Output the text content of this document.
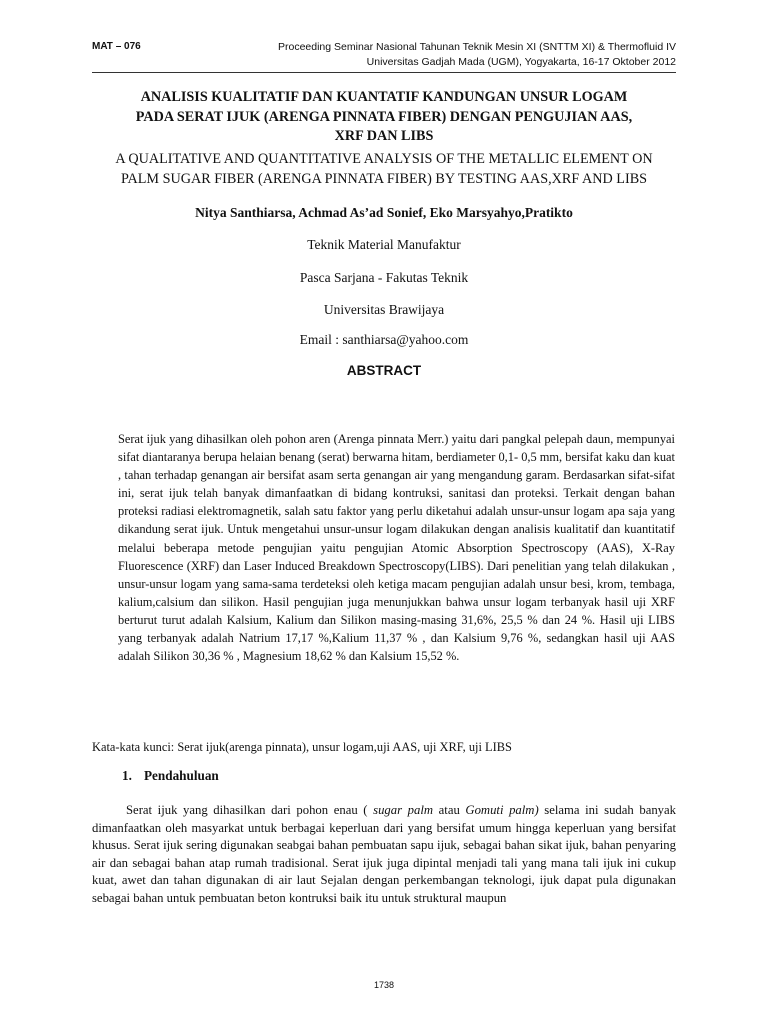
MAT – 076	Proceeding Seminar Nasional Tahunan Teknik Mesin XI (SNTTM XI) & Thermofluid IV
Universitas Gadjah Mada (UGM), Yogyakarta, 16-17 Oktober 2012
ANALISIS KUALITATIF DAN KUANTATIF KANDUNGAN UNSUR LOGAM
PADA SERAT IJUK (ARENGA PINNATA FIBER) DENGAN PENGUJIAN AAS,
XRF DAN LIBS
A QUALITATIVE AND QUANTITATIVE ANALYSIS OF THE METALLIC ELEMENT ON
PALM SUGAR FIBER (ARENGA PINNATA FIBER) BY TESTING AAS,XRF AND LIBS
Nitya Santhiarsa, Achmad As’ad Sonief, Eko Marsyahyo,Pratikto
Teknik Material Manufaktur
Pasca Sarjana - Fakutas Teknik
Universitas Brawijaya
Email : santhiarsa@yahoo.com
ABSTRACT
Serat ijuk yang dihasilkan oleh pohon aren (Arenga pinnata Merr.) yaitu dari pangkal pelepah daun, mempunyai sifat diantaranya berupa helaian benang (serat) berwarna hitam, berdiameter 0,1- 0,5 mm, bersifat kaku dan kuat , tahan terhadap genangan air bersifat asam serta genangan air yang mengandung garam. Berdasarkan sifat-sifat ini, serat ijuk telah banyak dimanfaatkan di bidang kontruksi, sanitasi dan proteksi. Terkait dengan bahan proteksi radiasi elektromagnetik, salah satu faktor yang perlu diketahui adalah unsur-unsur logam apa saja yang dikandung serat ijuk. Untuk mengetahui unsur-unsur logam dilakukan dengan analisis kualitatif dan kuantitatif melalui beberapa metode pengujian yaitu pengujian Atomic Absorption Spectroscopy (AAS), X-Ray Fluorescence (XRF) dan Laser Induced Breakdown Spectroscopy(LIBS). Dari penelitian yang telah dilakukan , unsur-unsur logam yang sama-sama terdeteksi oleh ketiga macam pengujian adalah unsur besi, krom, tembaga, kalium,calsium dan silikon. Hasil pengujian juga menunjukkan bahwa unsur logam terbanyak hasil uji XRF berturut turut adalah Kalsium, Kalium dan Silikon masing-masing 31,6%, 25,5 % dan 24 %. Hasil uji LIBS yang terbanyak adalah Natrium 17,17 %,Kalium 11,37 % , dan Kalsium 9,76 %, sedangkan hasil uji AAS adalah Silikon 30,36 % , Magnesium 18,62 % dan Kalsium 15,52 %.
Kata-kata kunci: Serat ijuk(arenga pinnata), unsur logam,uji AAS, uji XRF, uji LIBS
1. Pendahuluan
Serat ijuk yang dihasilkan dari pohon enau ( sugar palm atau Gomuti palm) selama ini sudah banyak dimanfaatkan oleh masyarkat untuk berbagai keperluan dari yang bersifat umum hingga keperluan yang bersifat khusus. Serat ijuk sering digunakan seabgai bahan pembuatan sapu ijuk, sebagai bahan sikat ijuk, bahan penyaring air dan sebagai bahan atap rumah tradisional. Serat ijuk juga dipintal menjadi tali yang mana tali ijuk ini cukup kuat, awet dan tahan digunakan di air laut Sejalan dengan perkembangan teknologi, ijuk dapat pula digunakan sebagai bahan untuk pembuatan beton kontruksi baik itu untuk struktural maupun
1738
